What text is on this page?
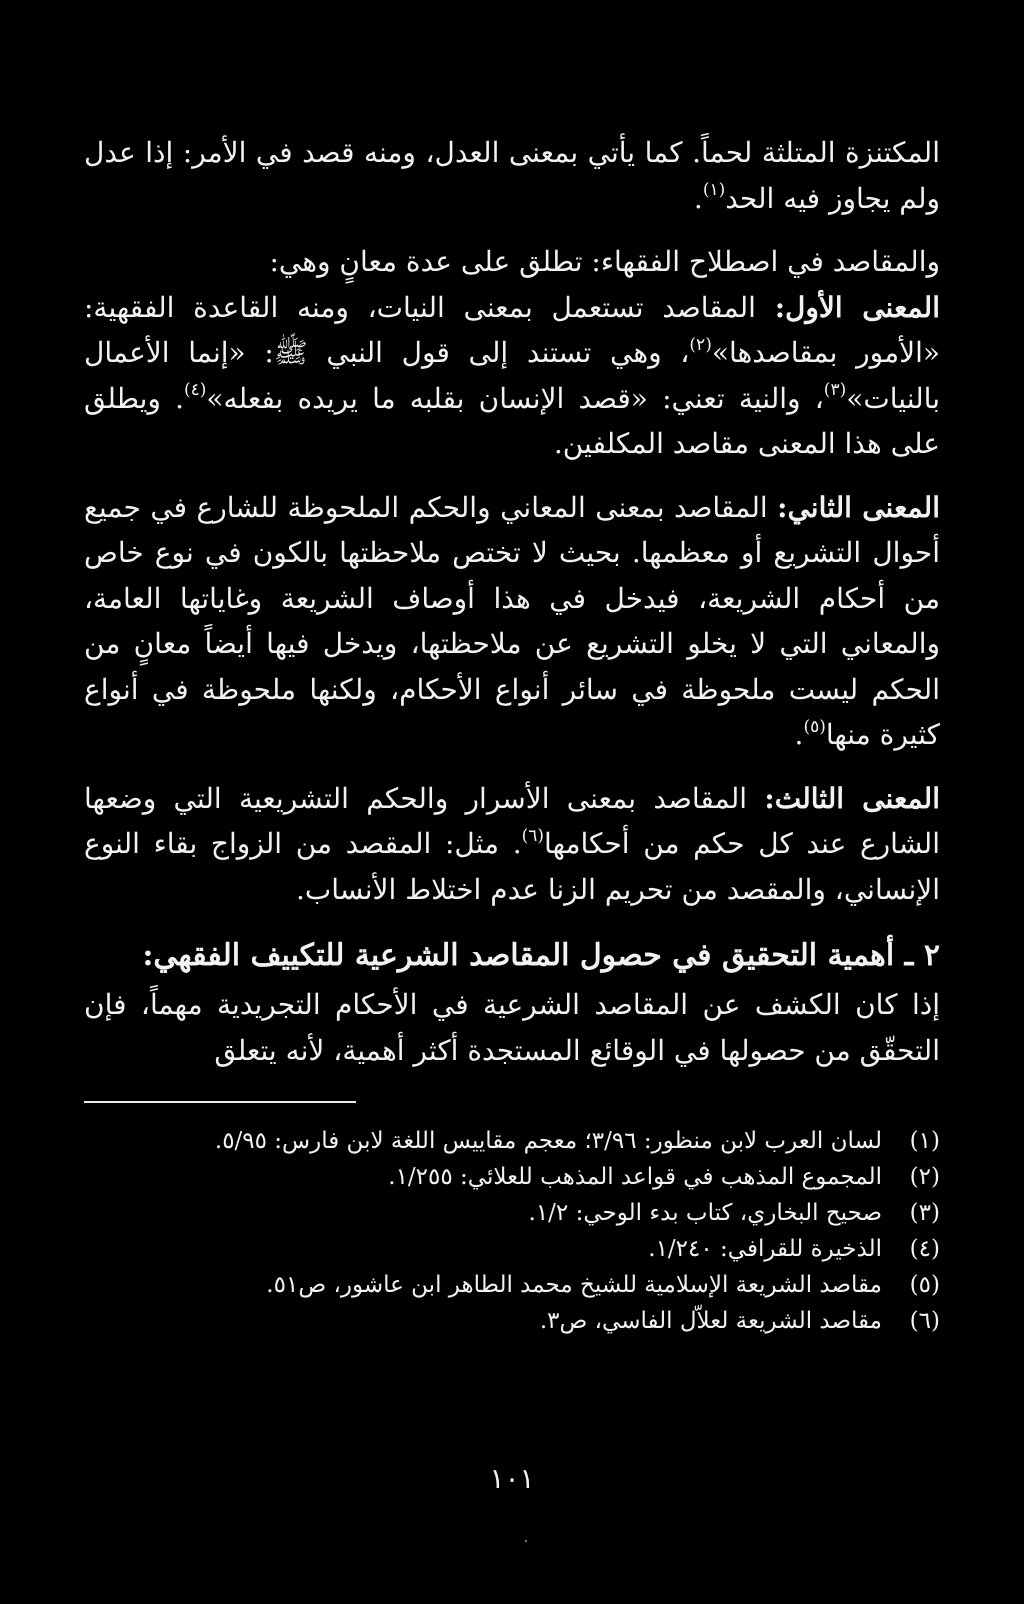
المكتنزة المتلثة لحماً. كما يأتي بمعنى العدل، ومنه قصد في الأمر: إذا عدل ولم يجاوز فيه الحد$^{(١)}$.

والمقاصد في اصطلاح الفقهاء: تطلق على عدة معانٍ وهي:

المعنى الأول: المقاصد تستعمل بمعنى النيات، ومنه القاعدة الفقهية: «الأمور بمقاصدها»$^{(٢)}$، وهي تستند إلى قول النبي ﷺ: «إنما الأعمال بالنيات»$^{(٣)}$، والنية تعني: «قصد الإنسان بقلبه ما يريده بفعله»$^{(٤)}$. ويطلق على هذا المعنى مقاصد المكلفين.

المعنى الثاني: المقاصد بمعنى المعاني والحكم الملحوظة للشارع في جميع أحوال التشريع أو معظمها. بحيث لا تختص ملاحظتها بالكون في نوع خاص من أحكام الشريعة، فيدخل في هذا أوصاف الشريعة وغاياتها العامة، والمعاني التي لا يخلو التشريع عن ملاحظتها، ويدخل فيها أيضاً معانٍ من الحكم ليست ملحوظة في سائر أنواع الأحكام، ولكنها ملحوظة في أنواع كثيرة منها$^{(٥)}$.

المعنى الثالث: المقاصد بمعنى الأسرار والحكم التشريعية التي وضعها الشارع عند كل حكم من أحكامها$^{(٦)}$. مثل: المقصد من الزواج بقاء النوع الإنساني، والمقصد من تحريم الزنا عدم اختلاط الأنساب.

٢ ـ أهمية التحقيق في حصول المقاصد الشرعية للتكييف الفقهي:

إذا كان الكشف عن المقاصد الشرعية في الأحكام التجريدية مهماً، فإن التحقّق من حصولها في الوقائع المستجدة أكثر أهمية، لأنه يتعلق

(١)
لسان العرب لابن منظور: ٣/٩٦؛ معجم مقاييس اللغة لابن فارس: ٥/٩٥.
(٢)
المجموع المذهب في قواعد المذهب للعلائي: ١/٢٥٥.
(٣)
صحيح البخاري، كتاب بدء الوحي: ١/٢.
(٤)
الذخيرة للقرافي: ١/٢٤٠.
(٥)
مقاصد الشريعة الإسلامية للشيخ محمد الطاهر ابن عاشور، ص٥١.
(٦)
مقاصد الشريعة لعلاّل الفاسي، ص٣.
١٠١
